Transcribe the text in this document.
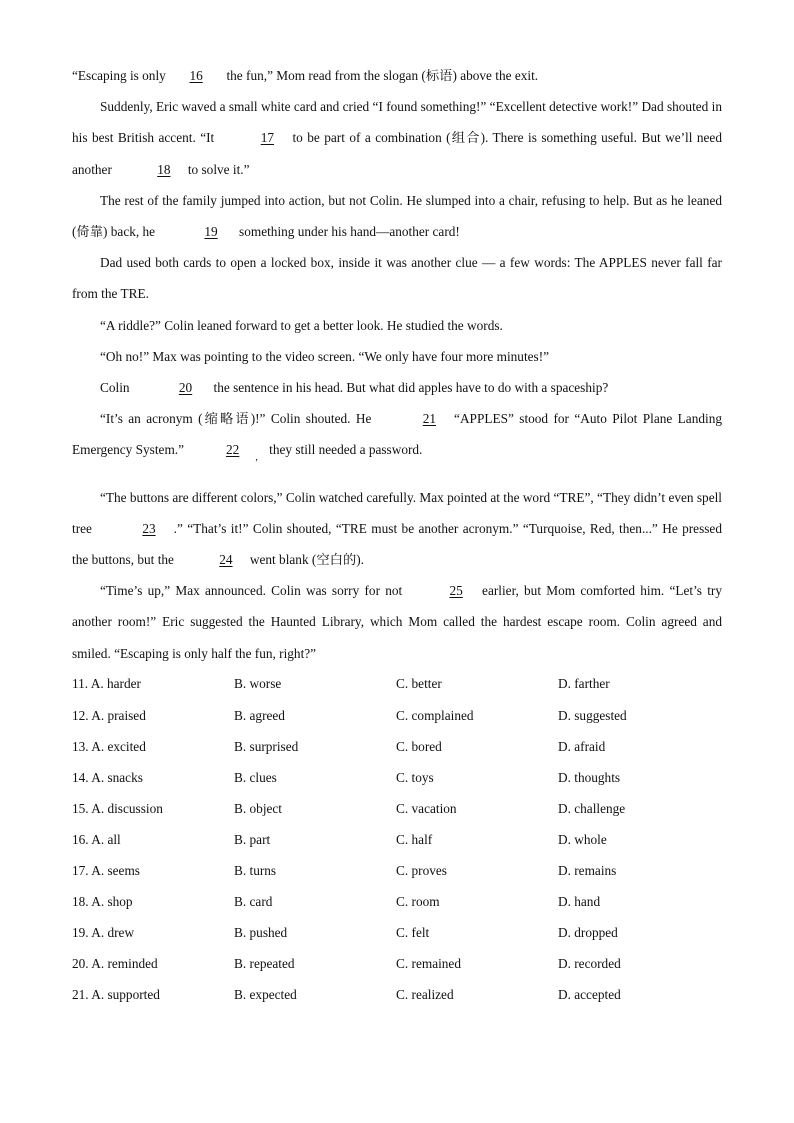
“Escaping is only 16 the fun,” Mom read from the slogan (标语) above the exit.

Suddenly, Eric waved a small white card and cried “I found something!” “Excellent detective work!” Dad shouted in his best British accent. “It	17 to be part of a combination (组合). There is something useful. But we’ll need another	18 to solve it.”

The rest of the family jumped into action, but not Colin. He slumped into a chair, refusing to help. But as he leaned (倚靠) back, he	19 something under his hand—another card!

Dad used both cards to open a locked box, inside it was another clue — a few words: The APPLES never fall far from the TRE.

“A riddle?” Colin leaned forward to get a better look. He studied the words.

“Oh no!” Max was pointing to the video screen. “We only have four more minutes!”

Colin	20 the sentence in his head. But what did apples have to do with a spaceship?

“It’s an acronym (缩略语)!” Colin shouted. He	21 “APPLES” stood for “Auto Pilot Plane Landing Emergency System.”	$22_,$ they still needed a password.

“The buttons are different colors,” Colin watched carefully. Max pointed at the word “TRE”, “They didn’t even spell tree	23 .” “That’s it!” Colin shouted, “TRE must be another acronym.” “Turquoise, Red, then...” He pressed the buttons, but the	24 went blank (空白的).

“Time’s up,” Max announced. Colin was sorry for not	25 earlier, but Mom comforted him. “Let’s try another room!” Eric suggested the Haunted Library, which Mom called the hardest escape room. Colin agreed and smiled. “Escaping is only half the fun, right?”

11. A. harder	B. worse	C. better	D. farther
12. A. praised	B. agreed	C. complained	D. suggested
13. A. excited	B. surprised	C. bored	D. afraid
14. A. snacks	B. clues	C. toys	D. thoughts
15. A. discussion	B. object	C. vacation	D. challenge
16. A. all	B. part	C. half	D. whole
17. A. seems	B. turns	C. proves	D. remains
18. A. shop	B. card	C. room	D. hand
19. A. drew	B. pushed	C. felt	D. dropped
20. A. reminded	B. repeated	C. remained	D. recorded
21. A. supported	B. expected	C. realized	D. accepted
